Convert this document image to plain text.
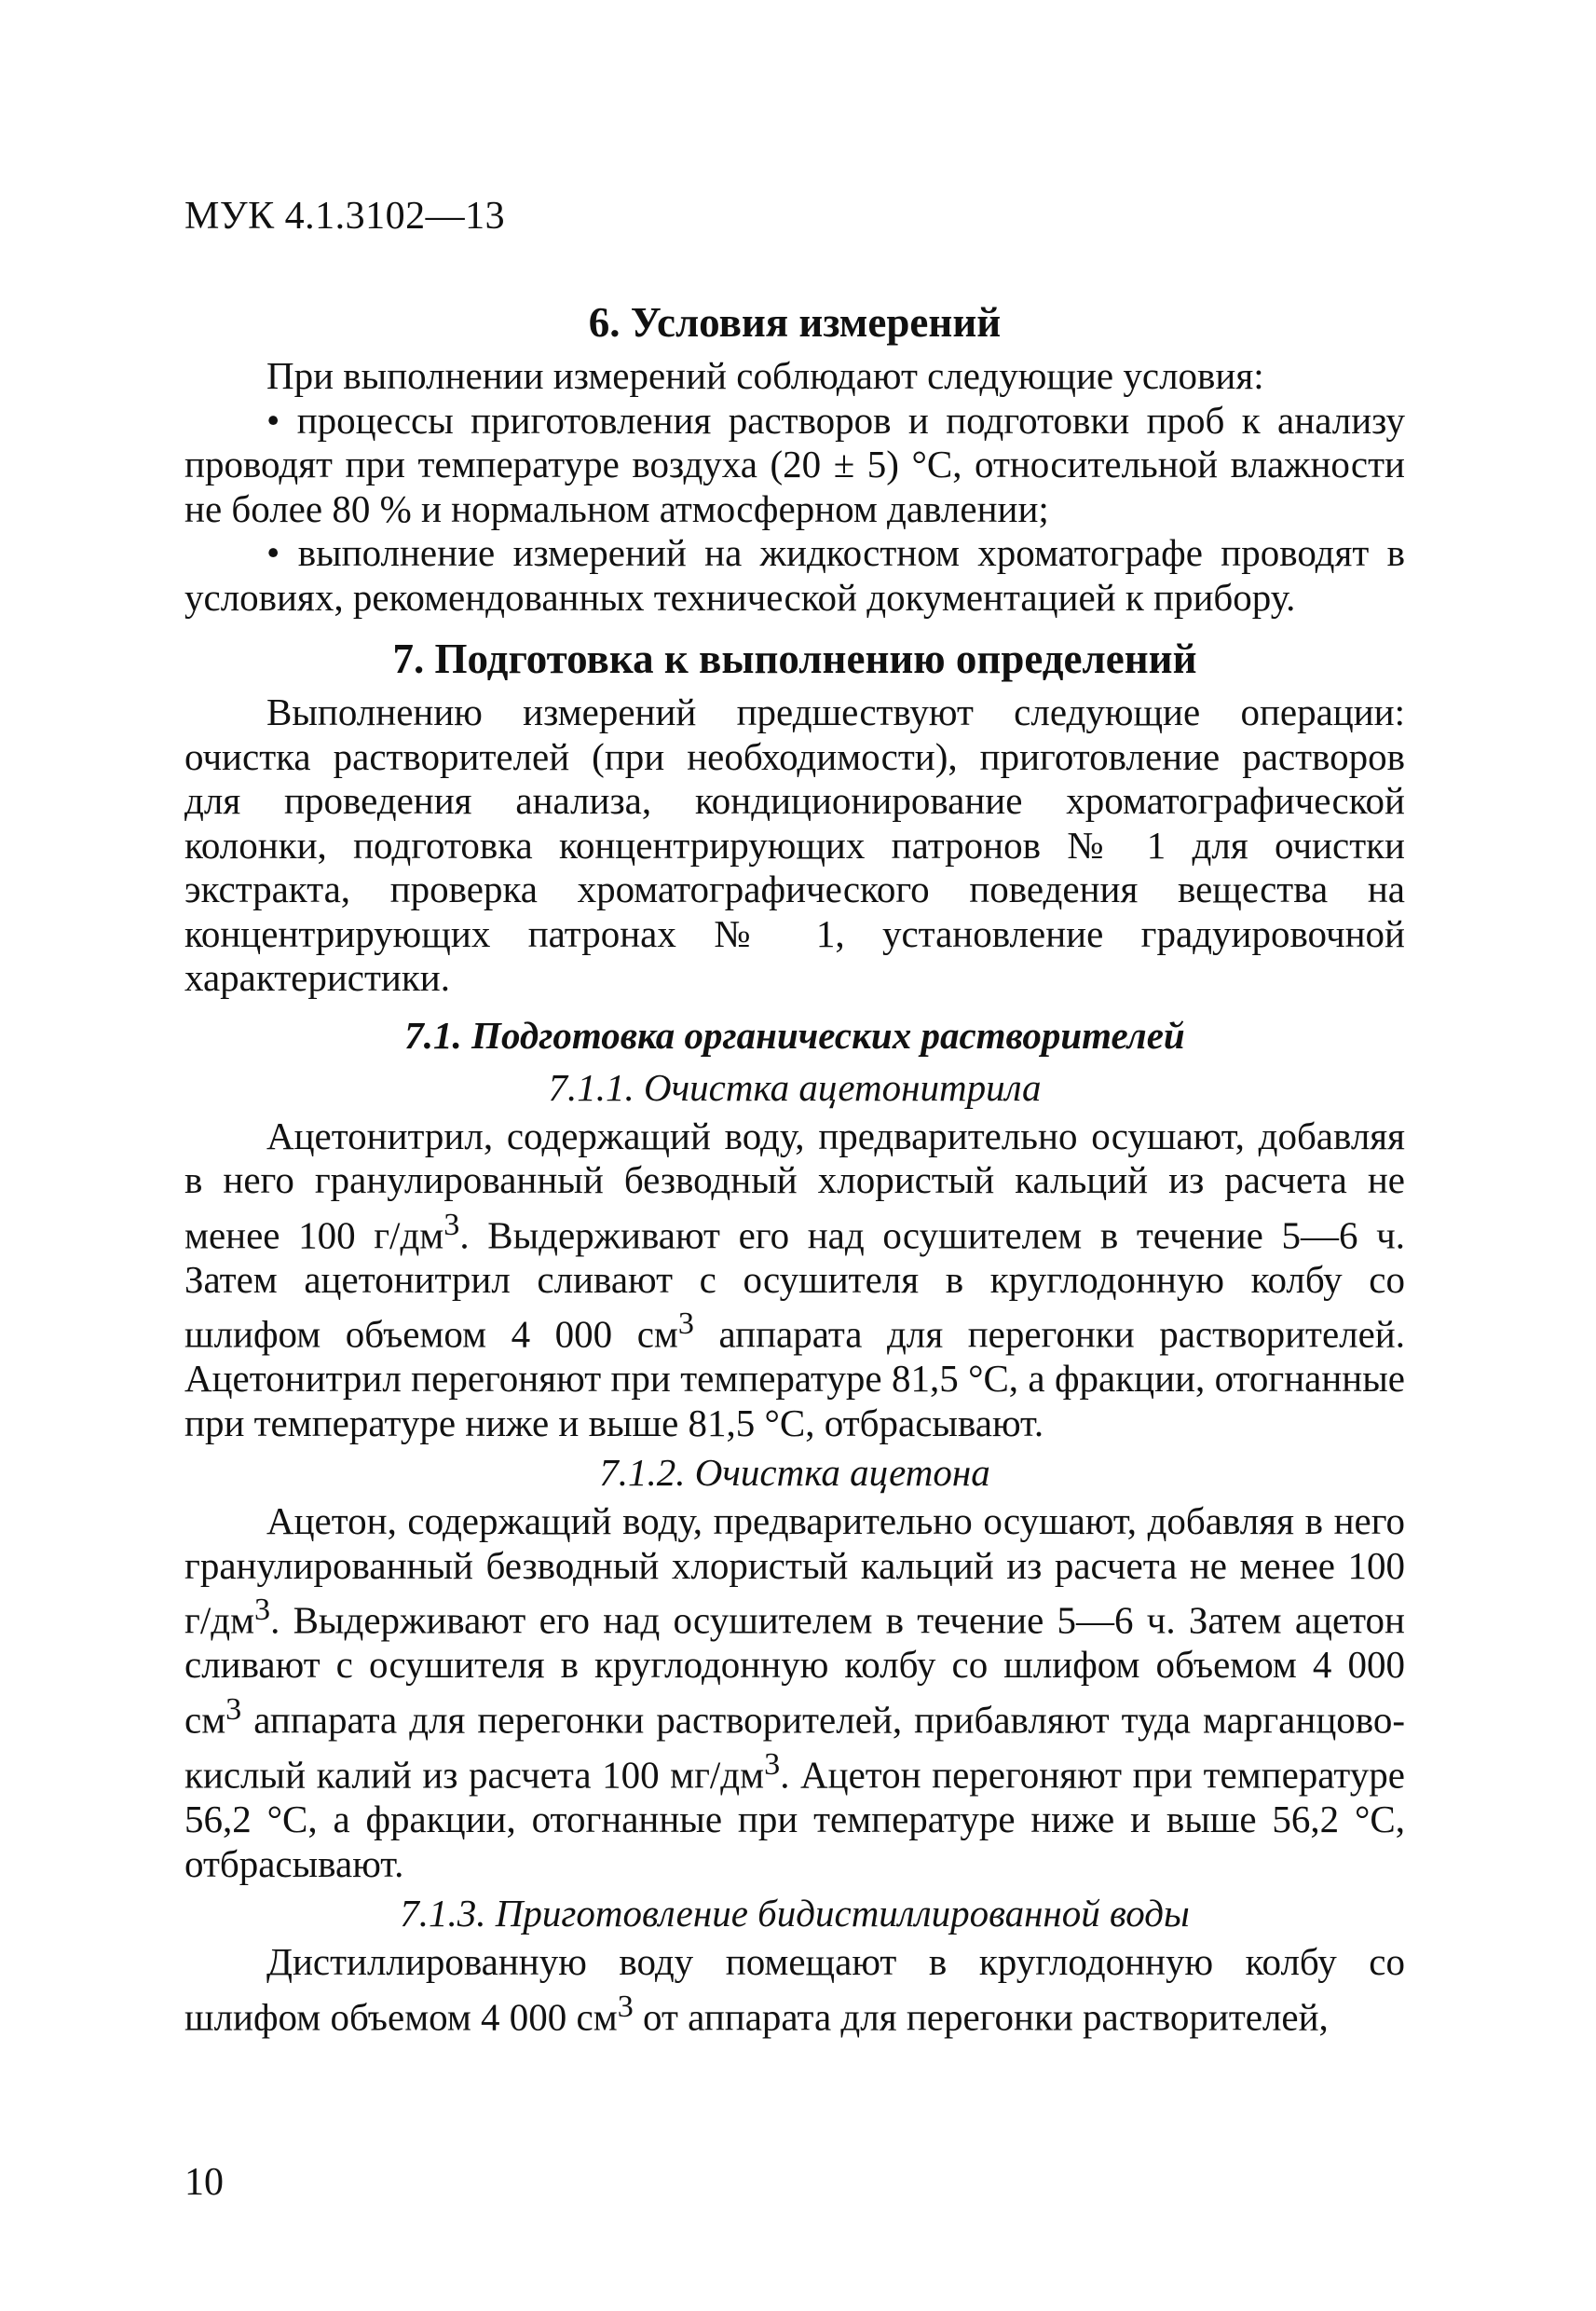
МУК 4.1.3102—13
6. Условия измерений

При выполнении измерений соблюдают следующие условия:

• процессы приготовления растворов и подготовки проб к анализу проводят при температуре воздуха (20 ± 5) °С, относительной влажности не более 80 % и нормальном атмосферном давлении;

• выполнение измерений на жидкостном хроматографе проводят в условиях, рекомендованных технической документацией к прибору.

7. Подготовка к выполнению определений

Выполнению измерений предшествуют следующие операции: очистка растворителей (при необходимости), приготовление растворов для проведения анализа, кондиционирование хроматографической колонки, подготовка концентрирующих патронов № 1 для очистки экстракта, проверка хроматографического поведения вещества на концентрирующих патронах № 1, установление градуировочной характеристики.

7.1. Подготовка органических растворителей
7.1.1. Очистка ацетонитрила

Ацетонитрил, содержащий воду, предварительно осушают, добавляя в него гранулированный безводный хлористый кальций из расчета не менее 100 $г/дм^3$. Выдерживают его над осушителем в течение 5—6 ч. Затем ацетонитрил сливают с осушителя в круглодонную колбу со шлифом объемом 4 000 $см^3$ аппарата для перегонки растворителей. Ацетонитрил перегоняют при температуре 81,5 °С, а фракции, отогнанные при температуре ниже и выше 81,5 °С, отбрасывают.

7.1.2. Очистка ацетона

Ацетон, содержащий воду, предварительно осушают, добавляя в него гранулированный безводный хлористый кальций из расчета не менее 100 $г/дм^3$. Выдерживают его над осушителем в течение 5—6 ч. Затем ацетон сливают с осушителя в круглодонную колбу со шлифом объемом 4 000 $см^3$ аппарата для перегонки растворителей, прибавляют туда марганцово-кислый калий из расчета 100 $мг/дм^3$. Ацетон перегоняют при температуре 56,2 °С, а фракции, отогнанные при температуре ниже и выше 56,2 °С, отбрасывают.

7.1.3. Приготовление бидистиллированной воды

Дистиллированную воду помещают в круглодонную колбу со шлифом объемом 4 000 $см^3$ от аппарата для перегонки растворителей,

10
